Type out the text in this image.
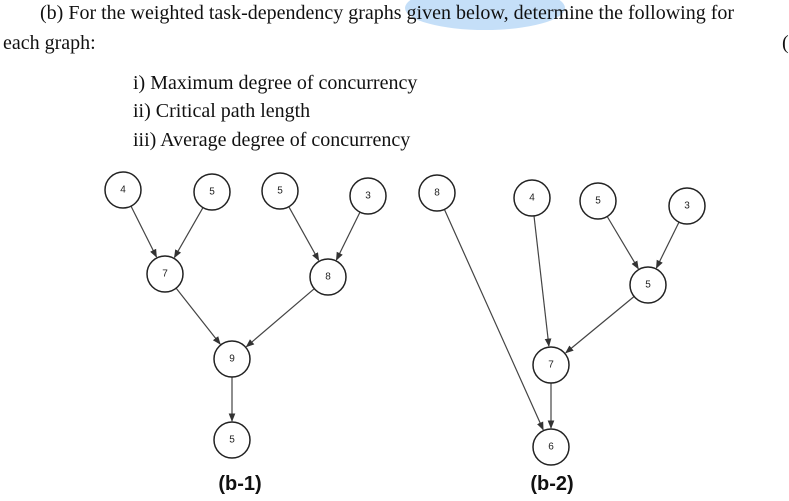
(b) For the weighted task-dependency graphs given below, determine the following for
each graph:	(
i) Maximum degree of concurrency
ii) Critical path length
iii) Average degree of concurrency
4	5	5	3
7	8
9
5
8	4	5	3
5
7
6
(b-1)	(b-2)
